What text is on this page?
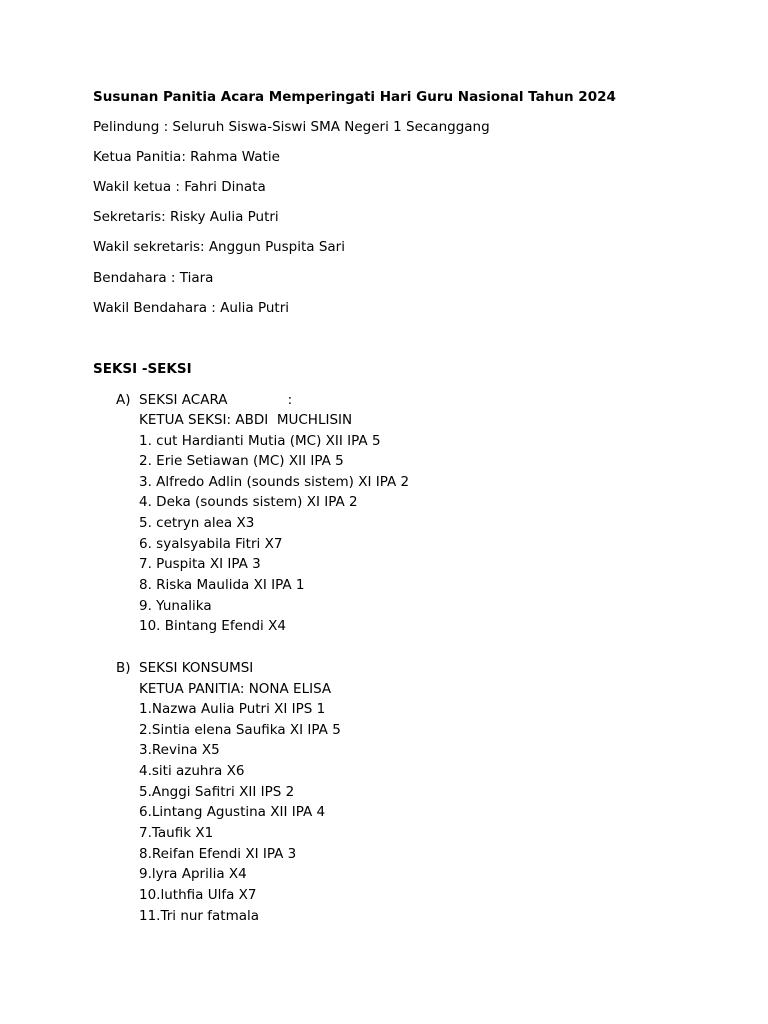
Susunan Panitia Acara Memperingati Hari Guru Nasional Tahun 2024
Pelindung : Seluruh Siswa-Siswi SMA Negeri 1 Secanggang
Ketua Panitia: Rahma Watie
Wakil ketua : Fahri Dinata
Sekretaris: Risky Aulia Putri
Wakil sekretaris: Anggun Puspita Sari
Bendahara : Tiara
Wakil Bendahara : Aulia Putri
SEKSI -SEKSI
A) SEKSI ACARA              :
KETUA SEKSI: ABDI  MUCHLISIN
1. cut Hardianti Mutia (MC) XII IPA 5
2. Erie Setiawan (MC) XII IPA 5
3. Alfredo Adlin (sounds sistem) XI IPA 2
4. Deka (sounds sistem) XI IPA 2
5. cetryn alea X3
6. syalsyabila Fitri X7
7. Puspita XI IPA 3
8. Riska Maulida XI IPA 1
9. Yunalika
10. Bintang Efendi X4
B) SEKSI KONSUMSI
KETUA PANITIA: NONA ELISA
1.Nazwa Aulia Putri XI IPS 1
2.Sintia elena Saufika XI IPA 5
3.Revina X5
4.siti azuhra X6
5.Anggi Safitri XII IPS 2
6.Lintang Agustina XII IPA 4
7.Taufik X1
8.Reifan Efendi XI IPA 3
9.lyra Aprilia X4
10.luthfia Ulfa X7
11.Tri nur fatmala
